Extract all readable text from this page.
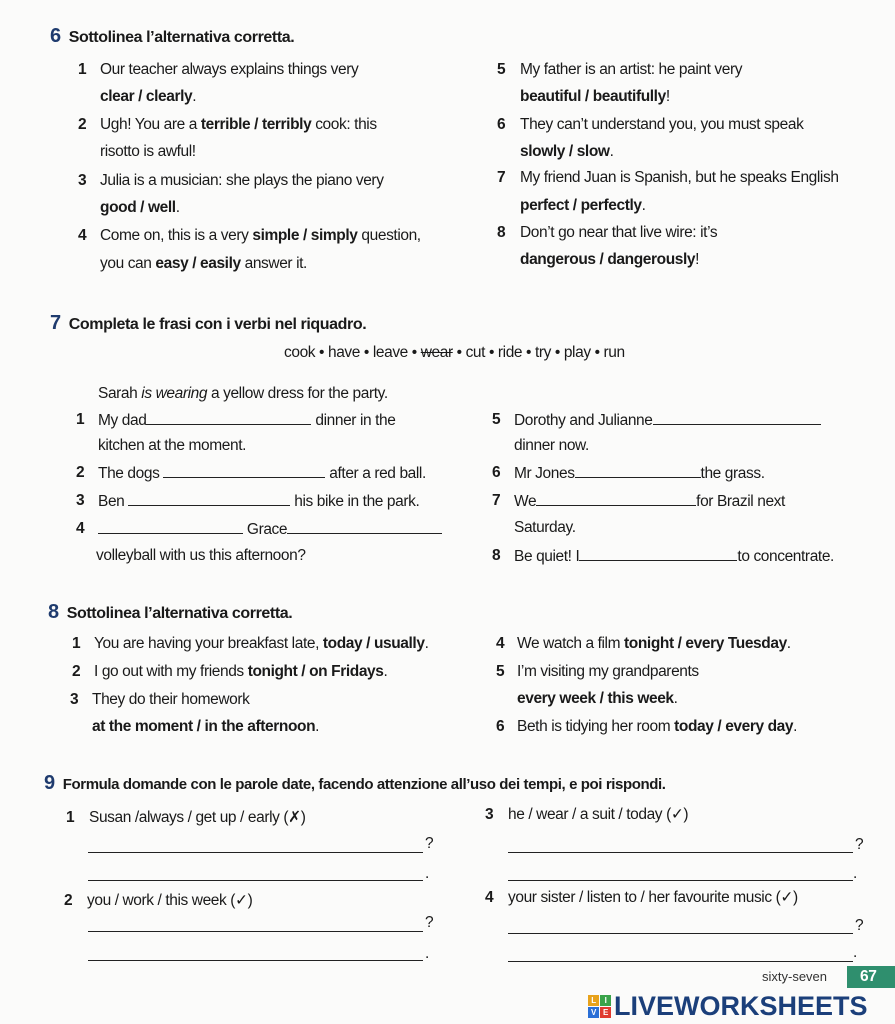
6 Sottolinea l’alternativa corretta.
1 Our teacher always explains things very
clear / clearly.
2 Ugh! You are a terrible / terribly cook: this
risotto is awful!
3 Julia is a musician: she plays the piano very
good / well.
4 Come on, this is a very simple / simply question,
you can easy / easily answer it.
5 My father is an artist: he paint very
beautiful / beautifully!
6 They can’t understand you, you must speak
slowly / slow.
7 My friend Juan is Spanish, but he speaks English
perfect / perfectly.
8 Don’t go near that live wire: it’s
dangerous / dangerously!
7 Completa le frasi con i verbi nel riquadro.
cook • have • leave • wear • cut • ride • try • play • run
Sarah is wearing a yellow dress for the party.
1 My dad	dinner in the
kitchen at the moment.
2 The dogs	after a red ball.
3 Ben	his bike in the park.
4	Grace
volleyball with us this afternoon?
5 Dorothy and Julianne
dinner now.
6 Mr Jones	the grass.
7 We	for Brazil next
Saturday.
8 Be quiet! I	to concentrate.
8 Sottolinea l’alternativa corretta.
1 You are having your breakfast late, today / usually.
2 I go out with my friends tonight / on Fridays.
3 They do their homework
at the moment / in the afternoon.
4 We watch a film tonight / every Tuesday.
5 I’m visiting my grandparents
every week / this week.
6 Beth is tidying her room today / every day.
9 Formula domande con le parole date, facendo attenzione all’uso dei tempi, e poi rispondi.
1 Susan /always / get up / early (✗)
?
.
2 you / work / this week (✓)
?
.
3 he / wear / a suit / today (✓)
?
.
4 your sister / listen to / her favourite music (✓)
?
.
sixty-seven 67
L	I
V E LIVEWORKSHEETS
